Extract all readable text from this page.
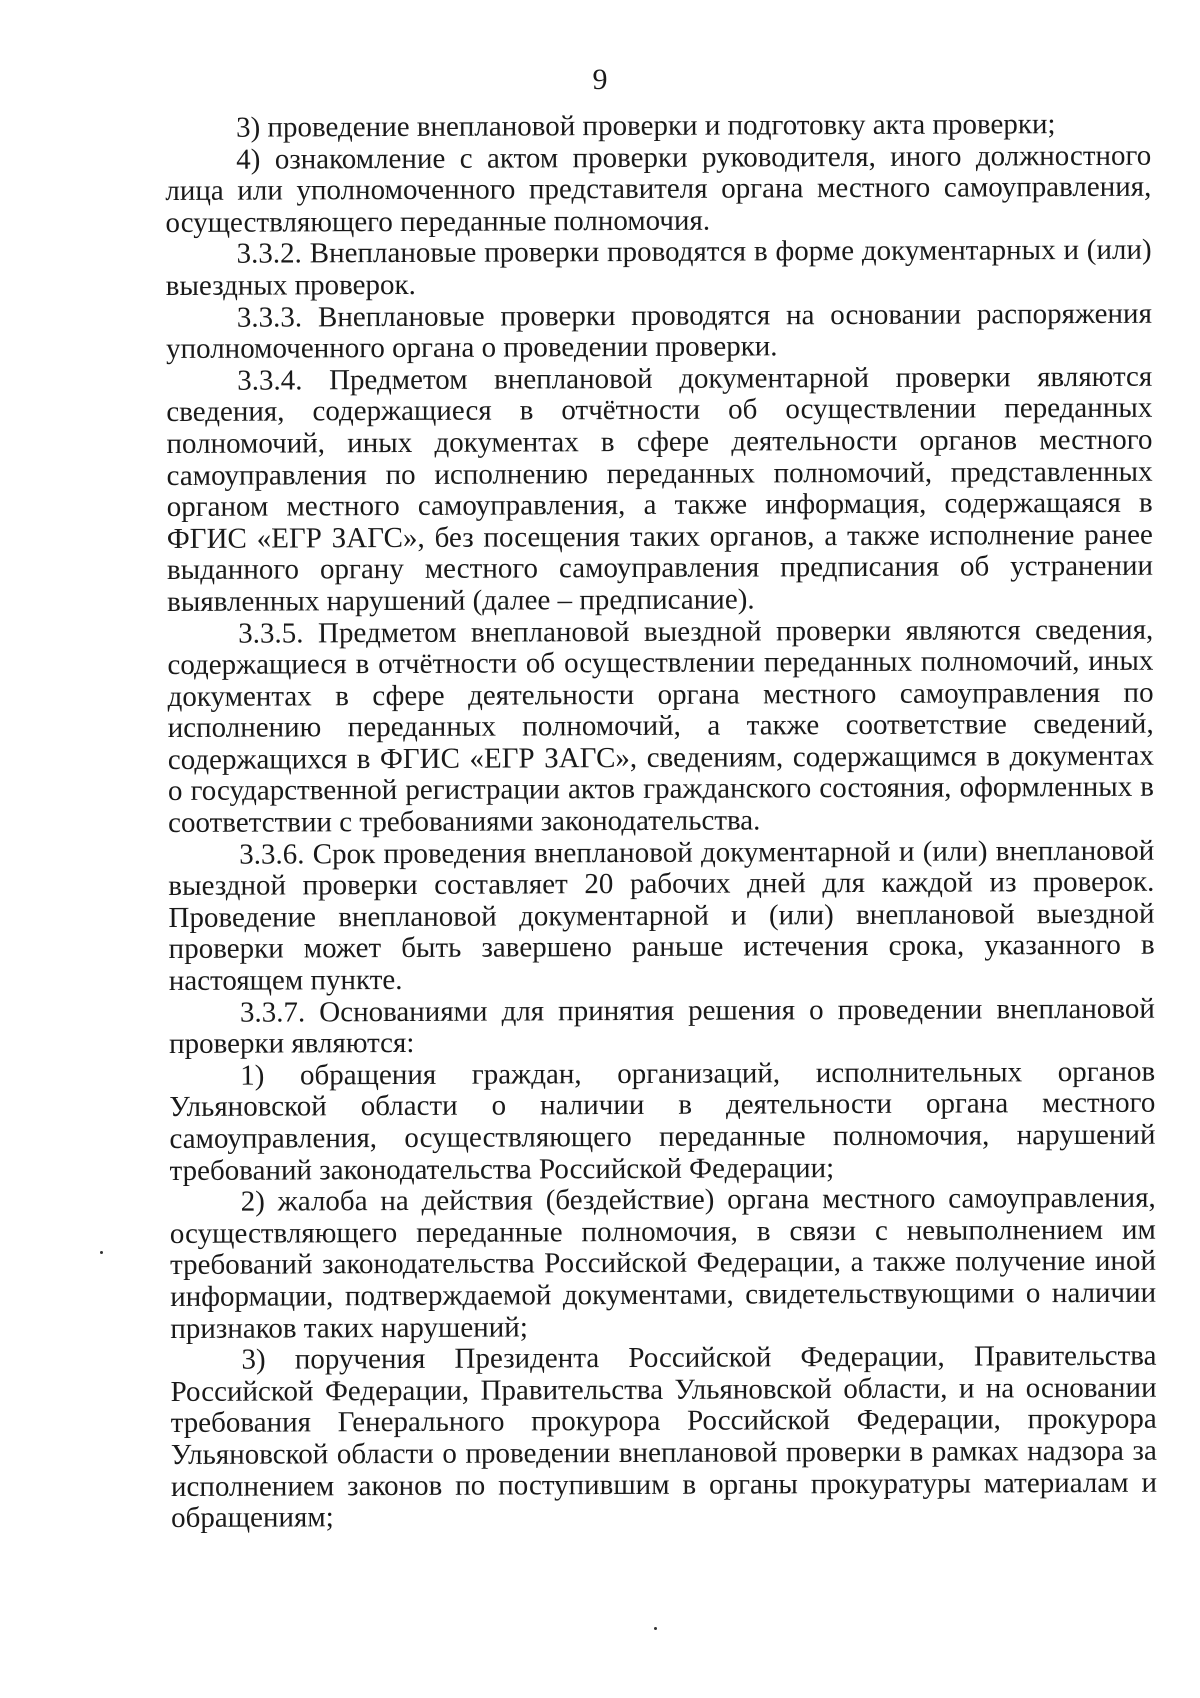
9

3) проведение внеплановой проверки и подготовку акта проверки;

4) ознакомление с актом проверки руководителя, иного должностного лица или уполномоченного представителя органа местного самоуправления, осуществляющего переданные полномочия.

3.3.2. Внеплановые проверки проводятся в форме документарных и (или) выездных проверок.

3.3.3. Внеплановые проверки проводятся на основании распоряжения уполномоченного органа о проведении проверки.

3.3.4. Предметом внеплановой документарной проверки являются сведения, содержащиеся в отчётности об осуществлении переданных полномочий, иных документах в сфере деятельности органов местного самоуправления по исполнению переданных полномочий, представленных органом местного самоуправления, а также информация, содержащаяся в ФГИС «ЕГР ЗАГС», без посещения таких органов, а также исполнение ранее выданного органу местного самоуправления предписания об устранении выявленных нарушений (далее – предписание).

3.3.5. Предметом внеплановой выездной проверки являются сведения, содержащиеся в отчётности об осуществлении переданных полномочий, иных документах в сфере деятельности органа местного самоуправления по исполнению переданных полномочий, а также соответствие сведений, содержащихся в ФГИС «ЕГР ЗАГС», сведениям, содержащимся в документах о государственной регистрации актов гражданского состояния, оформленных в соответствии с требованиями законодательства.

3.3.6. Срок проведения внеплановой документарной и (или) внеплановой выездной проверки составляет 20 рабочих дней для каждой из проверок. Проведение внеплановой документарной и (или) внеплановой выездной проверки может быть завершено раньше истечения срока, указанного в настоящем пункте.

3.3.7. Основаниями для принятия решения о проведении внеплановой проверки являются:

1) обращения граждан, организаций, исполнительных органов Ульяновской области о наличии в деятельности органа местного самоуправления, осуществляющего переданные полномочия, нарушений требований законодательства Российской Федерации;

2) жалоба на действия (бездействие) органа местного самоуправления, осуществляющего переданные полномочия, в связи с невыполнением им требований законодательства Российской Федерации, а также получение иной информации, подтверждаемой документами, свидетельствующими о наличии признаков таких нарушений;

3) поручения Президента Российской Федерации, Правительства Российской Федерации, Правительства Ульяновской области, и на основании требования Генерального прокурора Российской Федерации, прокурора Ульяновской области о проведении внеплановой проверки в рамках надзора за исполнением законов по поступившим в органы прокуратуры материалам и обращениям;
